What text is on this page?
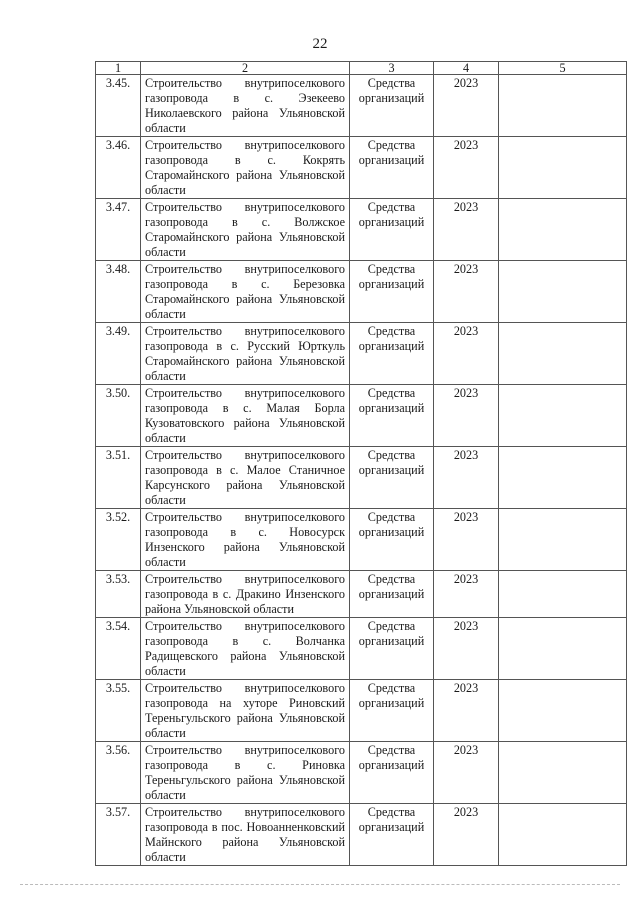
22
1	2	3	4	5
3.45.	Строительство внутрипоселкового газопровода в с. Эзекеево Николаевского района Ульяновской области	Средства организаций	2023	
3.46.	Строительство внутрипоселкового газопровода в с. Кокрять Старомайнского района Ульяновской области	Средства организаций	2023	
3.47.	Строительство внутрипоселкового газопровода в с. Волжское Старомайнского района Ульяновской области	Средства организаций	2023	
3.48.	Строительство внутрипоселкового газопровода в с. Березовка Старомайнского района Ульяновской области	Средства организаций	2023	
3.49.	Строительство внутрипоселкового газопровода в с. Русский Юрткуль Старомайнского района Ульяновской области	Средства организаций	2023	
3.50.	Строительство внутрипоселкового газопровода в с. Малая Борла Кузоватовского района Ульяновской области	Средства организаций	2023	
3.51.	Строительство внутрипоселкового газопровода в с. Малое Станичное Карсунского района Ульяновской области	Средства организаций	2023	
3.52.	Строительство внутрипоселкового газопровода в с. Новосурск Инзенского района Ульяновской области	Средства организаций	2023	
3.53.	Строительство внутрипоселкового газопровода в с. Дракино Инзенского района Ульяновской области	Средства организаций	2023	
3.54.	Строительство внутрипоселкового газопровода в с. Волчанка Радищевского района Ульяновской области	Средства организаций	2023	
3.55.	Строительство внутрипоселкового газопровода на хуторе Риновский Тереньгульского района Ульяновской области	Средства организаций	2023	
3.56.	Строительство внутрипоселкового газопровода в с. Риновка Тереньгульского района Ульяновской области	Средства организаций	2023	
3.57.	Строительство внутрипоселкового газопровода в пос. Новоанненковский Майнского района Ульяновской области	Средства организаций	2023	
